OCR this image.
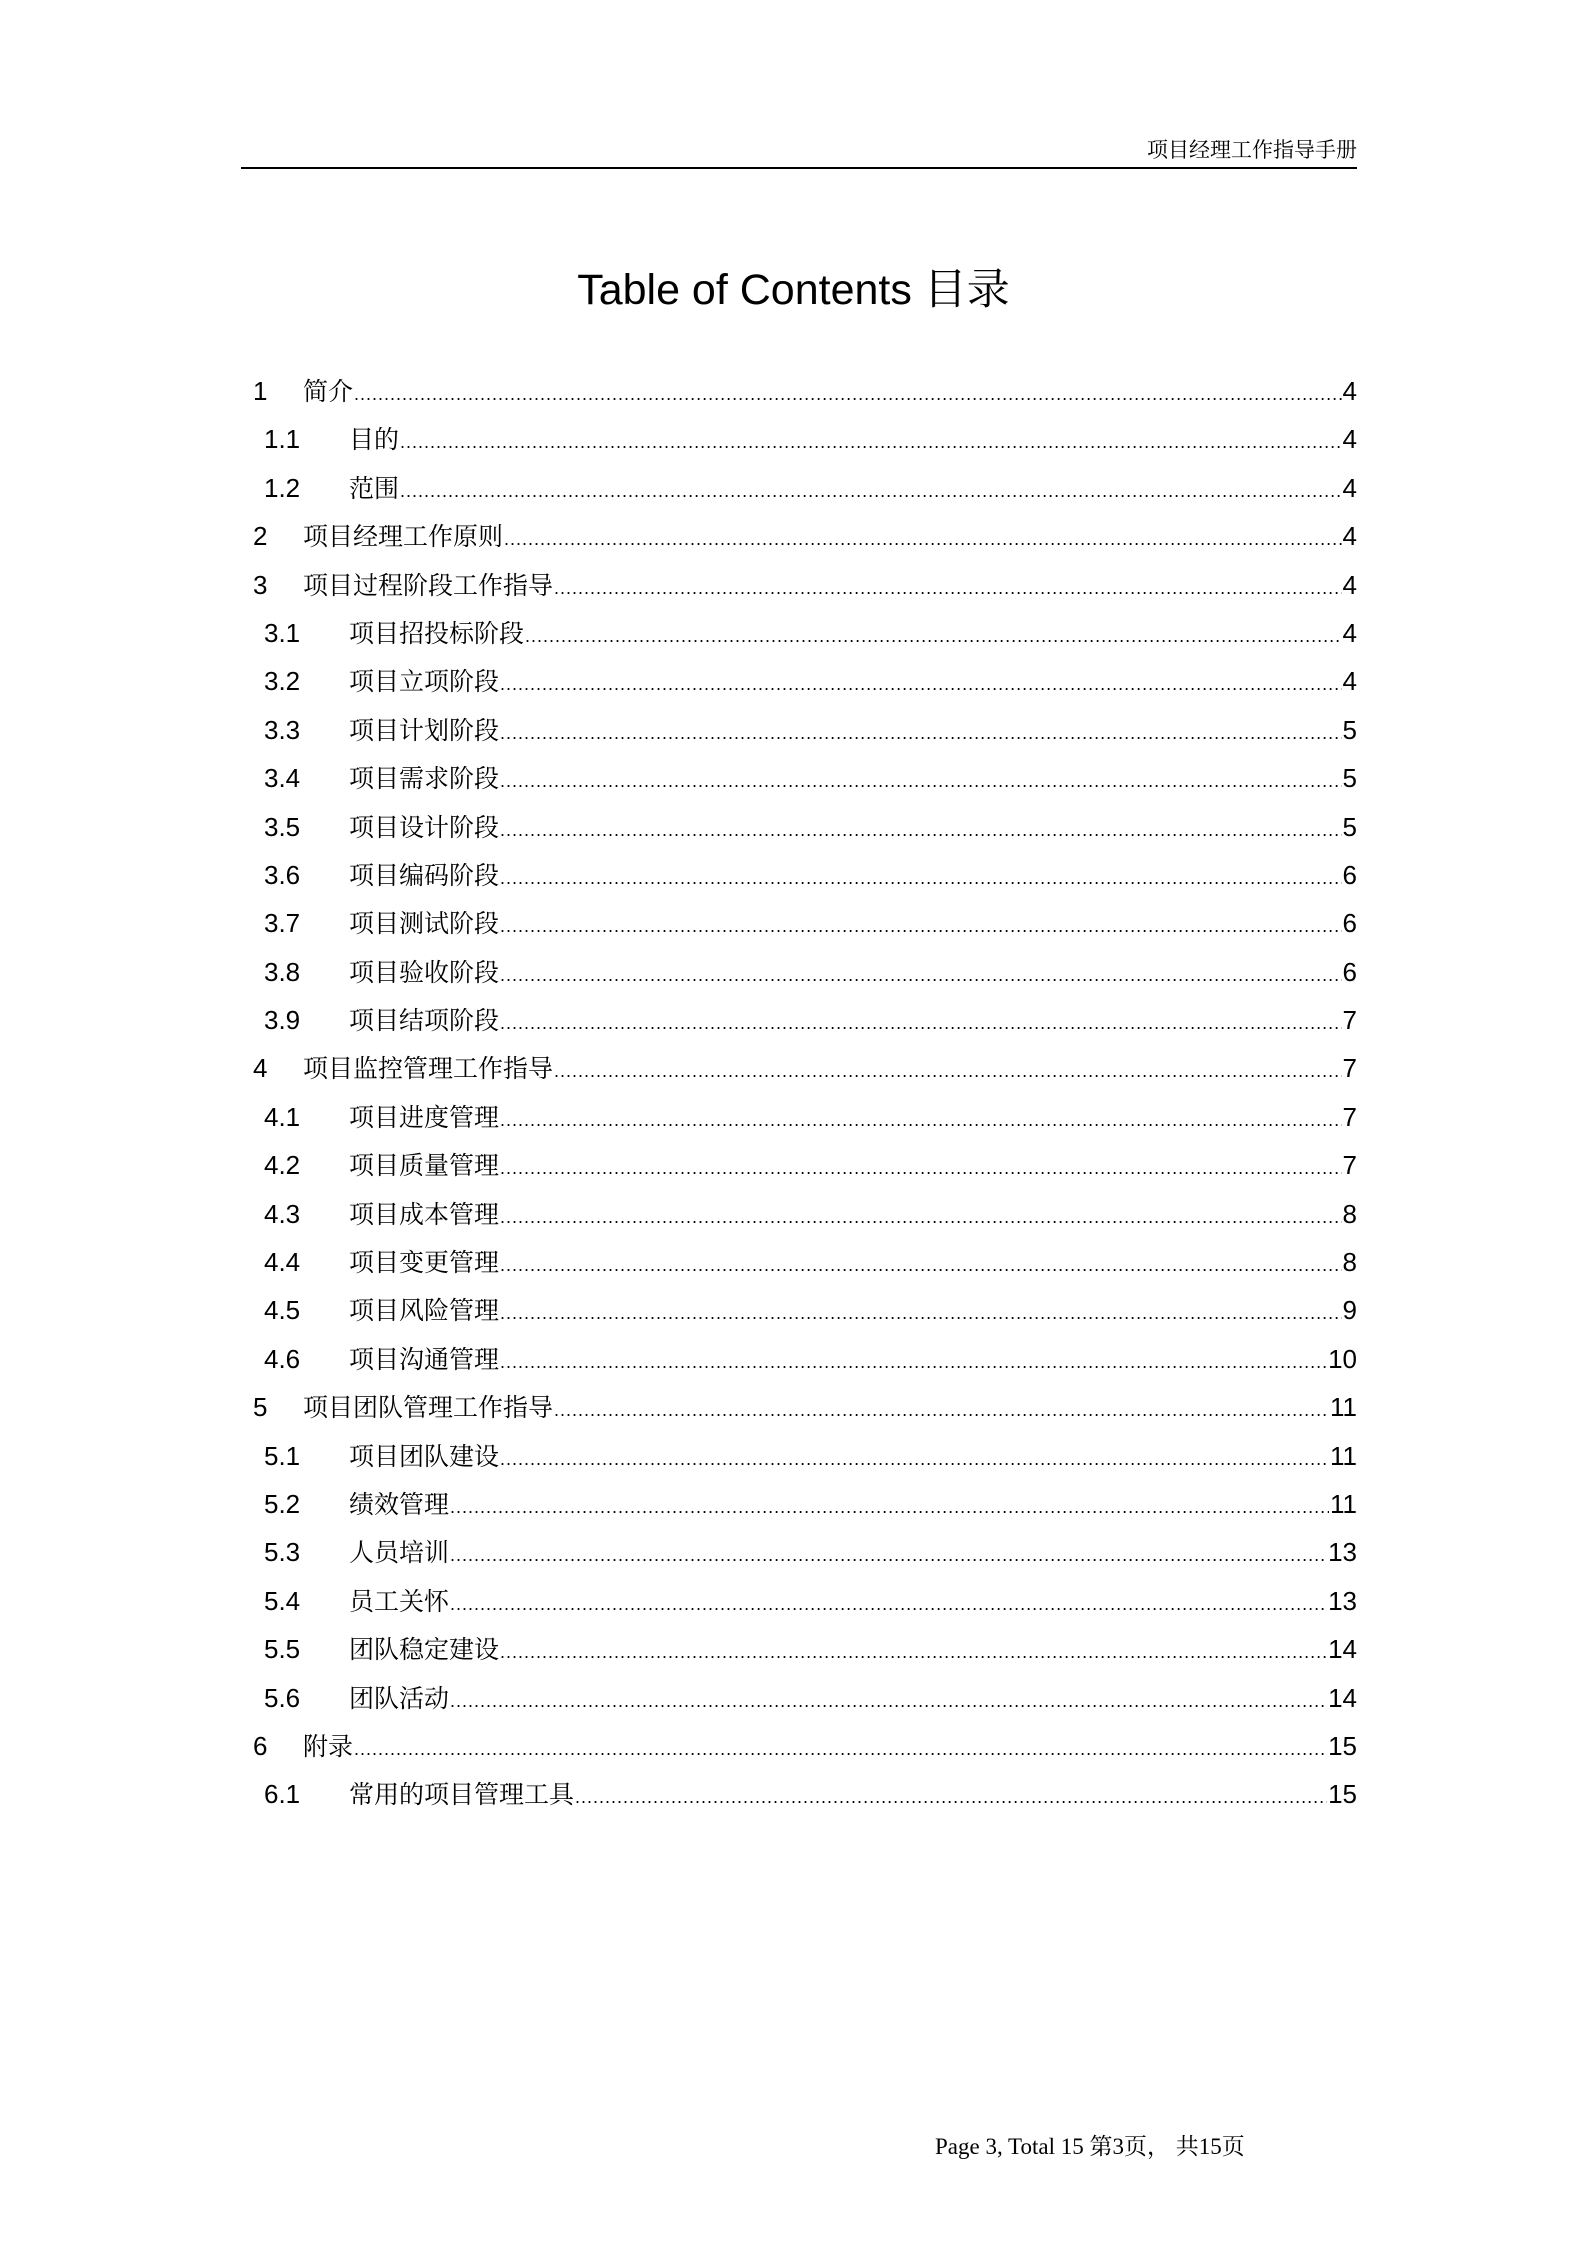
项目经理工作指导手册
Table of Contents 目录
1	简介 .....	4
1.1	目的 .....	4
1.2	范围 .....	4
2	项目经理工作原则 .....	4
3	项目过程阶段工作指导 .....	4
3.1	项目招投标阶段 .....	4
3.2	项目立项阶段 .....	4
3.3	项目计划阶段 .....	5
3.4	项目需求阶段 .....	5
3.5	项目设计阶段 .....	5
3.6	项目编码阶段 .....	6
3.7	项目测试阶段 .....	6
3.8	项目验收阶段 .....	6
3.9	项目结项阶段 .....	7
4	项目监控管理工作指导 .....	7
4.1	项目进度管理 .....	7
4.2	项目质量管理 .....	7
4.3	项目成本管理 .....	8
4.4	项目变更管理 .....	8
4.5	项目风险管理 .....	9
4.6	项目沟通管理 .....	10
5	项目团队管理工作指导 .....	11
5.1	项目团队建设 .....	11
5.2	绩效管理 .....	11
5.3	人员培训 .....	13
5.4	员工关怀 .....	13
5.5	团队稳定建设 .....	14
5.6	团队活动 .....	14
6	附录 .....	15
6.1	常用的项目管理工具 .....	15
Page 3, Total 15 第3页， 共15页
